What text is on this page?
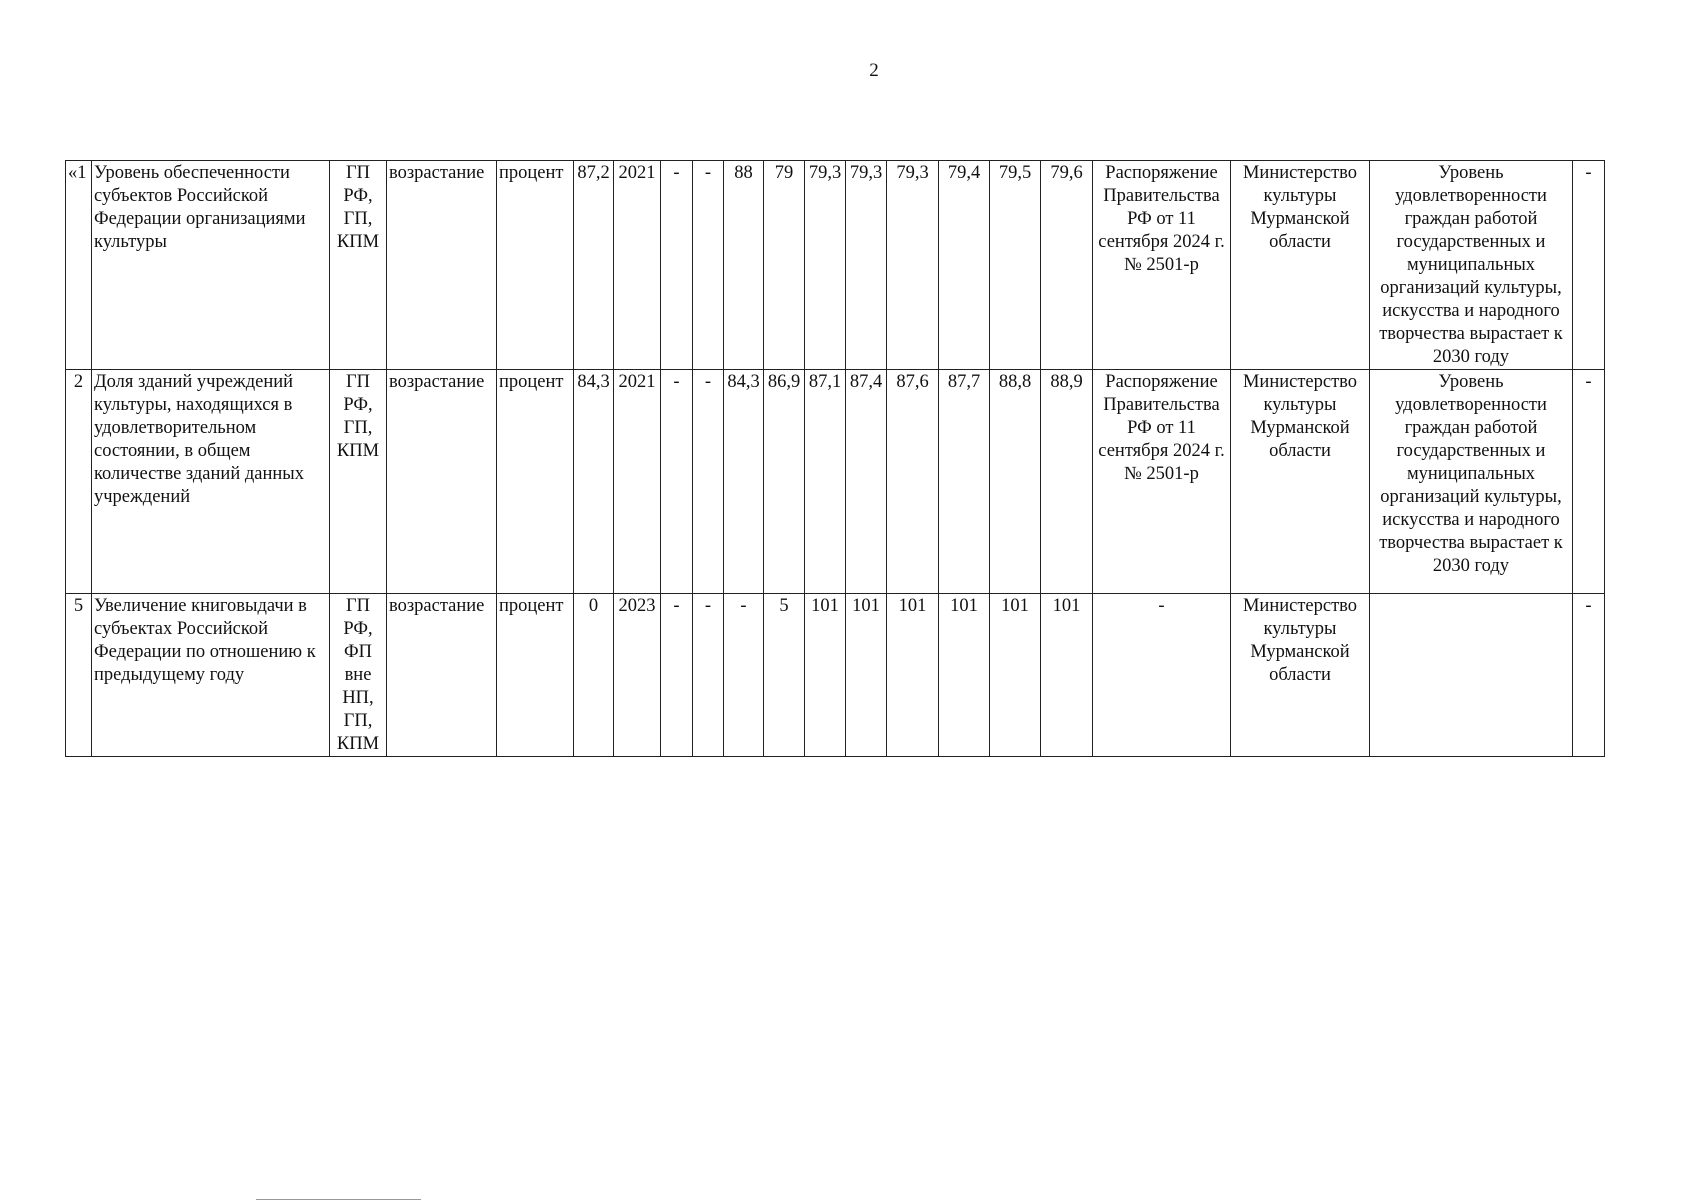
2
«1	Уровень обеспеченности субъектов Российской Федерации организациями культуры	ГП РФ, ГП, КПМ	возрастание	процент	87,2	2021	-	-	88	79	79,3	79,3	79,3	79,4	79,5	79,6	Распоряжение Правительства РФ от 11 сентября 2024 г. № 2501-р	Министерство культуры Мурманской области	Уровень удовлетворенности граждан работой государственных и муниципальных организаций культуры, искусства и народного творчества вырастает к 2030 году	-
2	Доля зданий учреждений культуры, находящихся в удовлетворительном состоянии, в общем количестве зданий данных учреждений	ГП РФ, ГП, КПМ	возрастание	процент	84,3	2021	-	-	84,3	86,9	87,1	87,4	87,6	87,7	88,8	88,9	Распоряжение Правительства РФ от 11 сентября 2024 г. № 2501-р	Министерство культуры Мурманской области	Уровень удовлетворенности граждан работой государственных и муниципальных организаций культуры, искусства и народного творчества вырастает к 2030 году	-
5	Увеличение книговыдачи в субъектах Российской Федерации по отношению к предыдущему году	ГП РФ, ФП вне НП, ГП, КПМ	возрастание	процент	0	2023	-	-	-	5	101	101	101	101	101	101	-	Министерство культуры Мурманской области		-
